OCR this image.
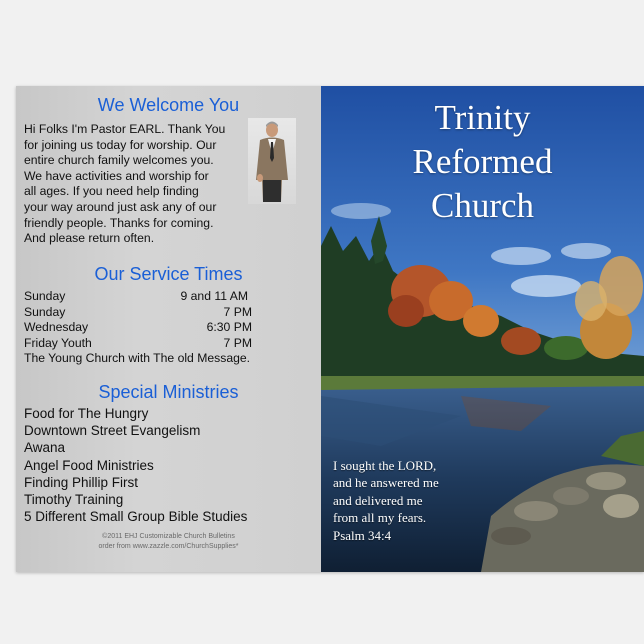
We Welcome You
Hi Folks I'm Pastor EARL. Thank You
for joining us today for worship. Our
entire church family welcomes you.
We have activities and worship for
all ages. If you need help finding
your way around just ask any of our
friendly people. Thanks for coming.
And please return often.
Our Service Times
Sunday	9 and 11 AM
Sunday	7 PM
Wednesday	6:30 PM
Friday Youth	7 PM
The Young Church with The old Message.
Special Ministries
Food for The Hungry
Downtown Street Evangelism
Awana
Angel Food Ministries
Finding Phillip First
Timothy Training
5 Different Small Group Bible Studies
©2011 EHJ Customizable Church Bulletins
order from www.zazzle.com/ChurchSupplies*
Trinity
Reformed
Church
I sought the LORD,
and he answered me
and delivered me
from all my fears.
Psalm 34:4
